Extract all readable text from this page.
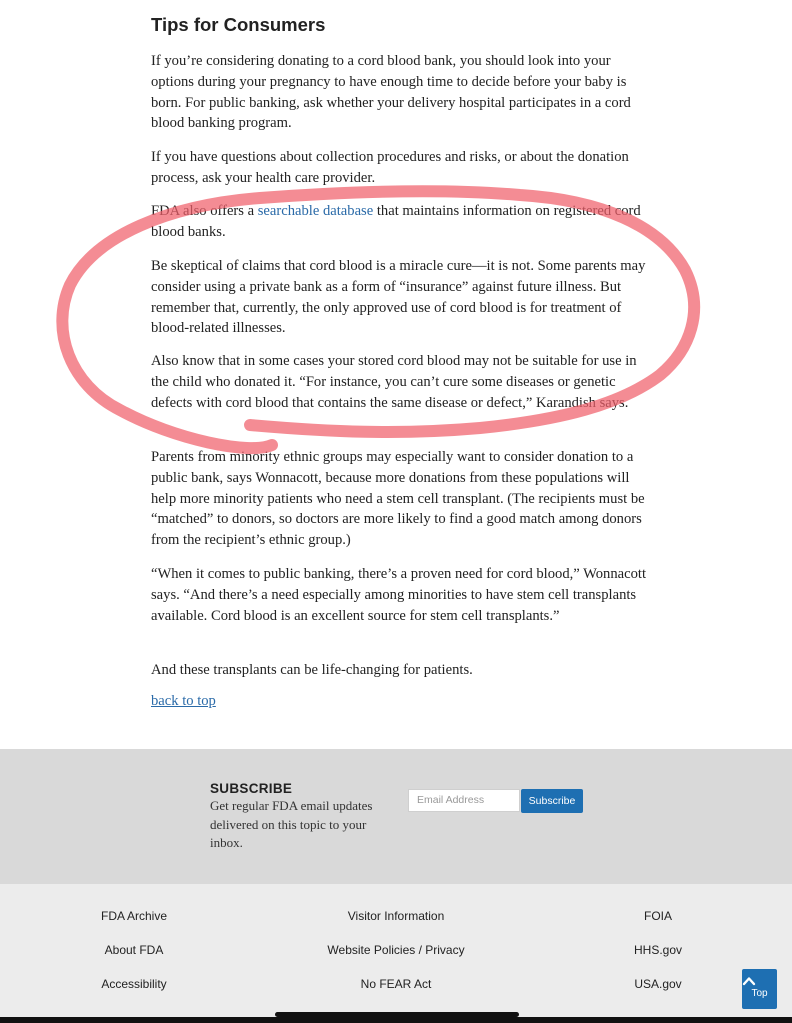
Tips for Consumers

If you’re considering donating to a cord blood bank, you should look into your options during your pregnancy to have enough time to decide before your baby is born. For public banking, ask whether your delivery hospital participates in a cord blood banking program.

If you have questions about collection procedures and risks, or about the donation process, ask your health care provider.

FDA also offers a searchable database that maintains information on registered cord blood banks.

Be skeptical of claims that cord blood is a miracle cure—it is not. Some parents may consider using a private bank as a form of “insurance” against future illness. But remember that, currently, the only approved use of cord blood is for treatment of blood-related illnesses.

Also know that in some cases your stored cord blood may not be suitable for use in the child who donated it. “For instance, you can’t cure some diseases or genetic defects with cord blood that contains the same disease or defect,” Karandish says.

Parents from minority ethnic groups may especially want to consider donation to a public bank, says Wonnacott, because more donations from these populations will help more minority patients who need a stem cell transplant. (The recipients must be “matched” to donors, so doctors are more likely to find a good match among donors from the recipient’s ethnic group.)

“When it comes to public banking, there’s a proven need for cord blood,” Wonnacott says. “And there’s a need especially among minorities to have stem cell transplants available. Cord blood is an excellent source for stem cell transplants.”

And these transplants can be life-changing for patients.

back to top
SUBSCRIBE
Get regular FDA email updates delivered on this topic to your inbox.
Email Address	Subscribe
FDA Archive
About FDA
Accessibility
Visitor Information
Website Policies / Privacy
No FEAR Act
FOIA
HHS.gov
USA.gov
Top
